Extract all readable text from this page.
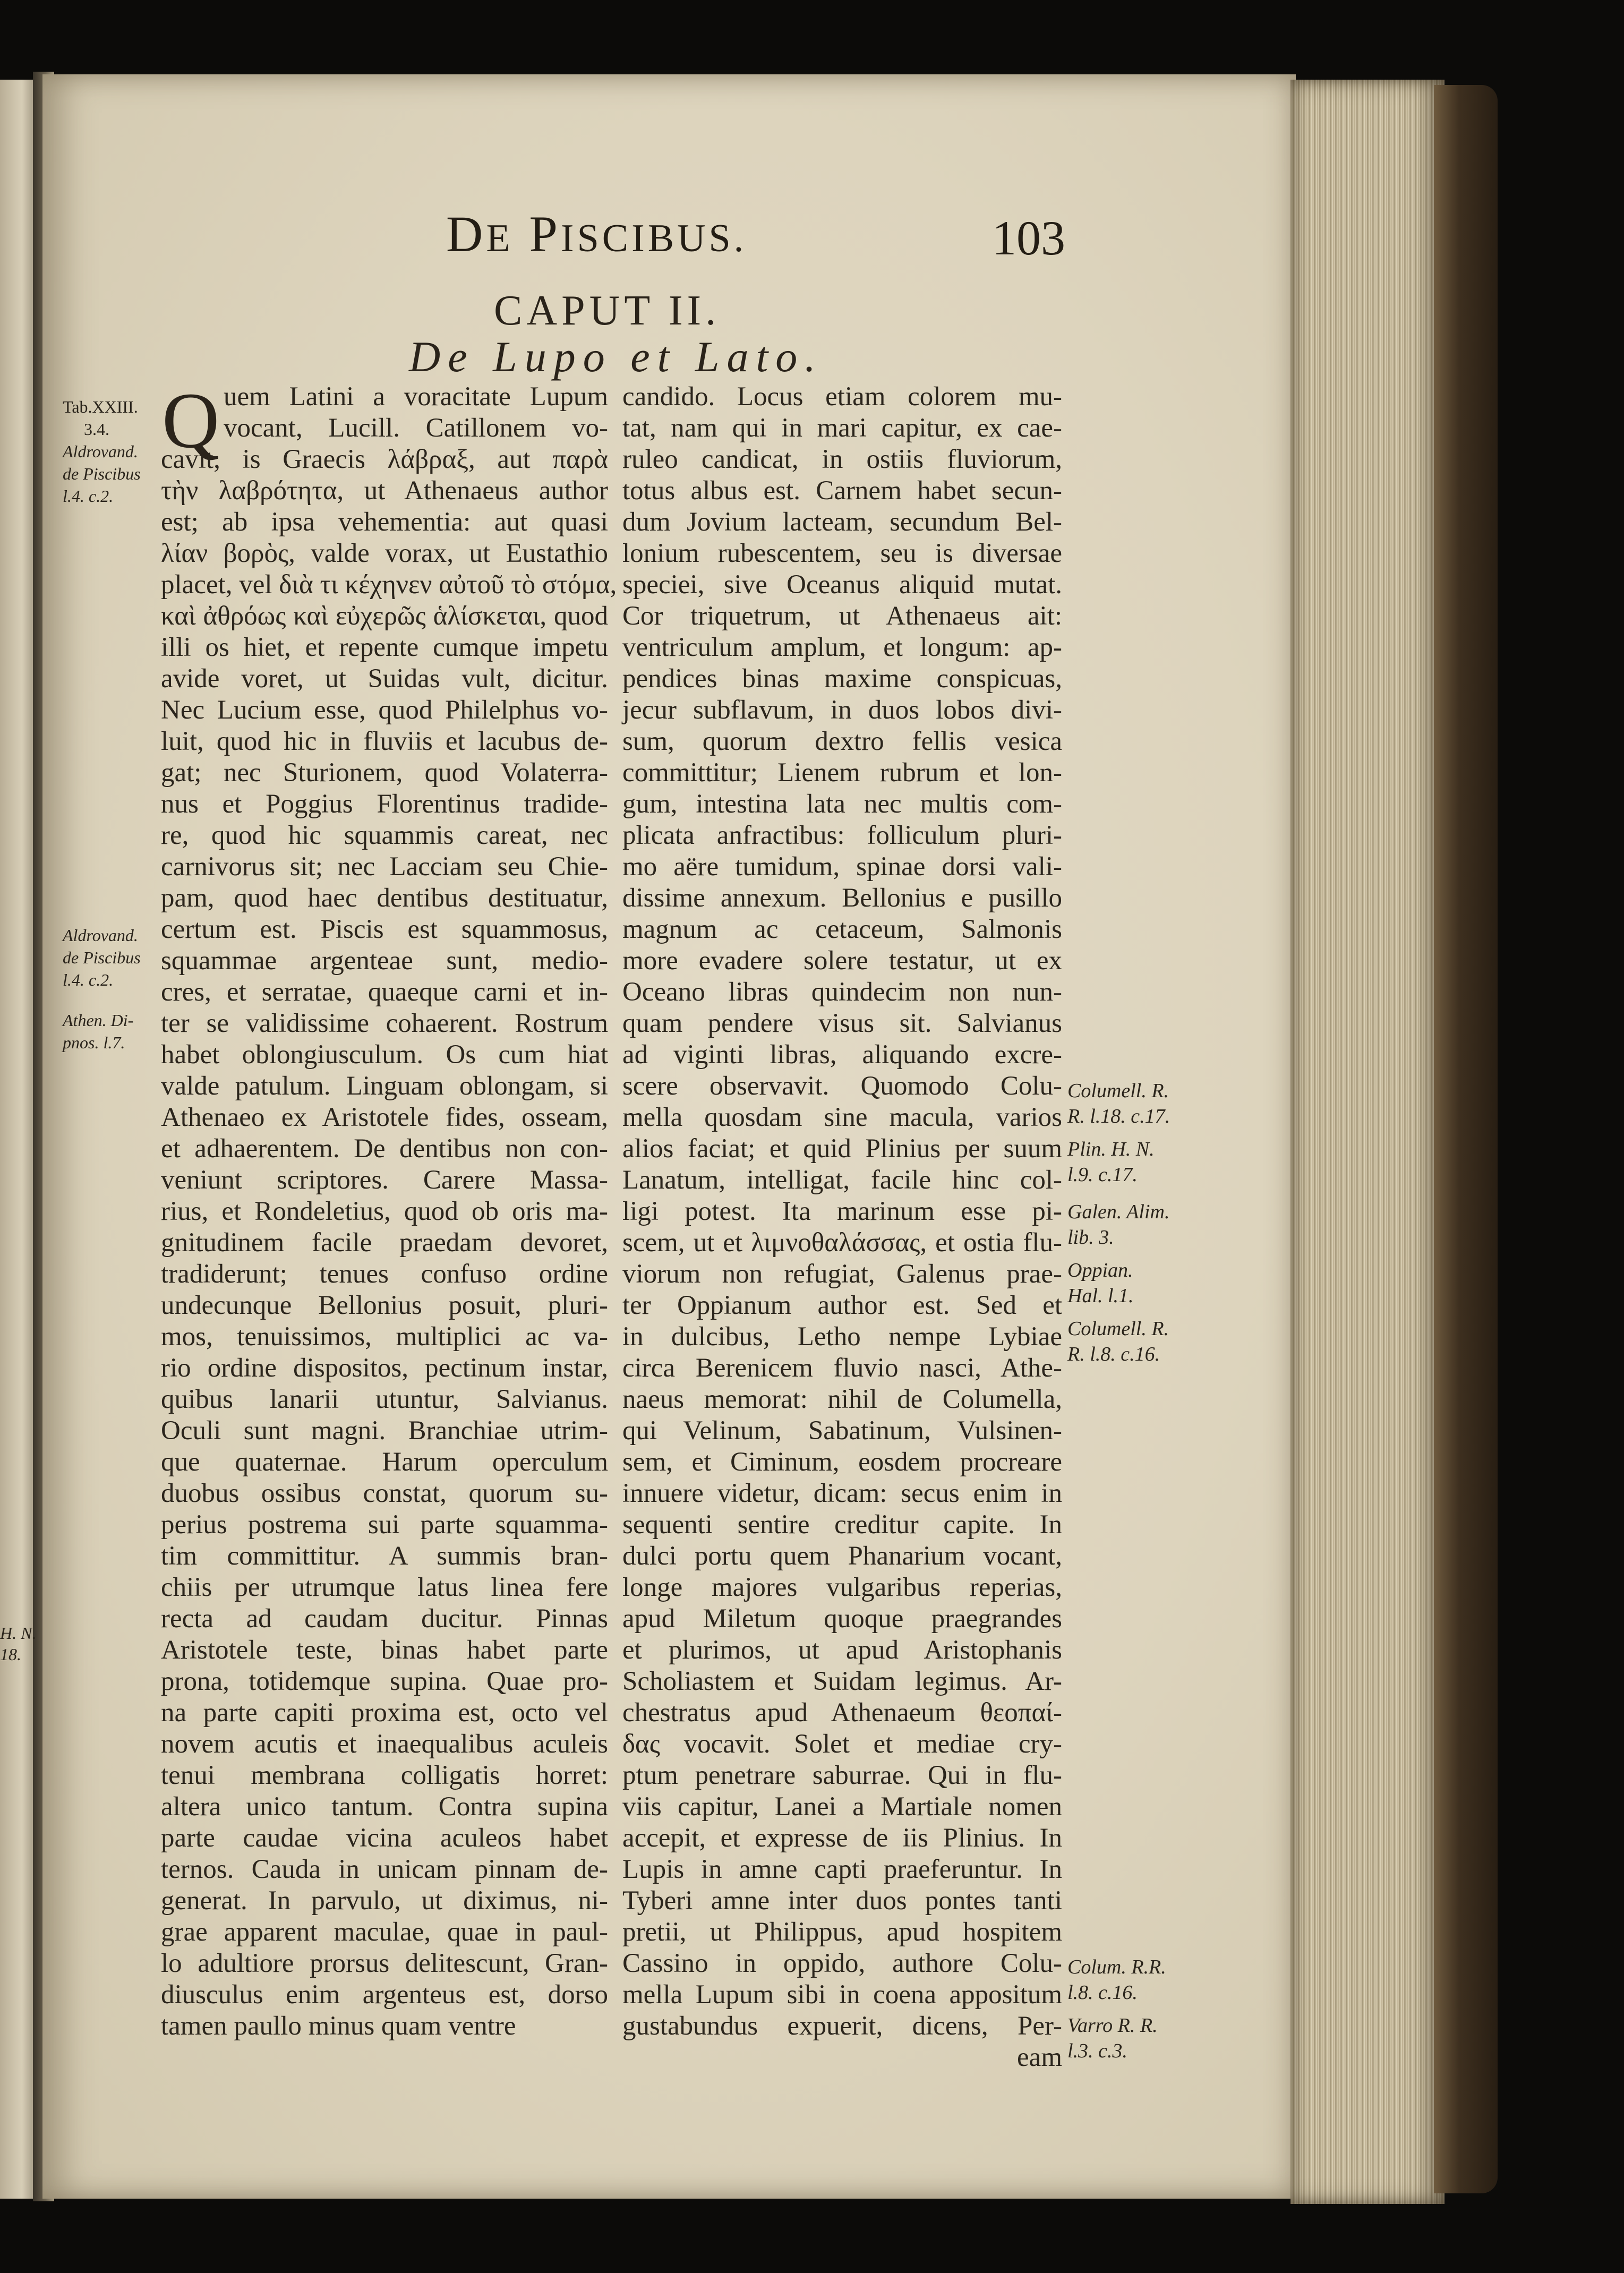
H. N.
18.
DE PISCIBUS.	103
CAPUT II.
De Lupo et Lato.
Tab.XXIII.
3.4.
Aldrovand.
de Piscibus
l.4. c.2.
Aldrovand.
de Piscibus
l.4. c.2.
Athen. Di-
pnos. l.7.
Q uem Latini a voracitate Lupum
vocant, Lucill. Catillonem vo-
cavit, is Graecis λάβραξ, aut παρὰ
τὴν λαβρότητα, ut Athenaeus author
est; ab ipsa vehementia: aut quasi
λίαν βορὸς, valde vorax, ut Eustathio
placet, vel διὰ τι κέχηνεν αὐτοῦ τὸ στόμα,
καὶ ἀθρόως καὶ εὐχερῶς ἁλίσκεται, quod
illi os hiet, et repente cumque impetu
avide voret, ut Suidas vult, dicitur.
Nec Lucium esse, quod Philelphus vo-
luit, quod hic in fluviis et lacubus de-
gat; nec Sturionem, quod Volaterra-
nus et Poggius Florentinus tradide-
re, quod hic squammis careat, nec
carnivorus sit; nec Lacciam seu Chie-
pam, quod haec dentibus destituatur,
certum est. Piscis est squammosus,
squammae argenteae sunt, medio-
cres, et serratae, quaeque carni et in-
ter se validissime cohaerent. Rostrum
habet oblongiusculum. Os cum hiat
valde patulum. Linguam oblongam, si
Athenaeo ex Aristotele fides, osseam,
et adhaerentem. De dentibus non con-
veniunt scriptores. Carere Massa-
rius, et Rondeletius, quod ob oris ma-
gnitudinem facile praedam devoret,
tradiderunt; tenues confuso ordine
undecunque Bellonius posuit, pluri-
mos, tenuissimos, multiplici ac va-
rio ordine dispositos, pectinum instar,
quibus lanarii utuntur, Salvianus.
Oculi sunt magni. Branchiae utrim-
que quaternae. Harum operculum
duobus ossibus constat, quorum su-
perius postrema sui parte squamma-
tim committitur. A summis bran-
chiis per utrumque latus linea fere
recta ad caudam ducitur. Pinnas
Aristotele teste, binas habet parte
prona, totidemque supina. Quae pro-
na parte capiti proxima est, octo vel
novem acutis et inaequalibus aculeis
tenui membrana colligatis horret:
altera unico tantum. Contra supina
parte caudae vicina aculeos habet
ternos. Cauda in unicam pinnam de-
generat. In parvulo, ut diximus, ni-
grae apparent maculae, quae in paul-
lo adultiore prorsus delitescunt, Gran-
diusculus enim argenteus est, dorso
tamen paullo minus quam ventre
candido. Locus etiam colorem mu-
tat, nam qui in mari capitur, ex cae-
ruleo candicat, in ostiis fluviorum,
totus albus est. Carnem habet secun-
dum Jovium lacteam, secundum Bel-
lonium rubescentem, seu is diversae
speciei, sive Oceanus aliquid mutat.
Cor triquetrum, ut Athenaeus ait:
ventriculum amplum, et longum: ap-
pendices binas maxime conspicuas,
jecur subflavum, in duos lobos divi-
sum, quorum dextro fellis vesica
committitur; Lienem rubrum et lon-
gum, intestina lata nec multis com-
plicata anfractibus: folliculum pluri-
mo aëre tumidum, spinae dorsi vali-
dissime annexum. Bellonius e pusillo
magnum ac cetaceum, Salmonis
more evadere solere testatur, ut ex
Oceano libras quindecim non nun-
quam pendere visus sit. Salvianus
ad viginti libras, aliquando excre-
scere observavit. Quomodo Colu-
mella quosdam sine macula, varios
alios faciat; et quid Plinius per suum
Lanatum, intelligat, facile hinc col-
ligi potest. Ita marinum esse pi-
scem, ut et λιμνοθαλάσσας, et ostia flu-
viorum non refugiat, Galenus prae-
ter Oppianum author est. Sed et
in dulcibus, Letho nempe Lybiae
circa Berenicem fluvio nasci, Athe-
naeus memorat: nihil de Columella,
qui Velinum, Sabatinum, Vulsinen-
sem, et Ciminum, eosdem procreare
innuere videtur, dicam: secus enim in
sequenti sentire creditur capite. In
dulci portu quem Phanarium vocant,
longe majores vulgaribus reperias,
apud Miletum quoque praegrandes
et plurimos, ut apud Aristophanis
Scholiastem et Suidam legimus. Ar-
chestratus apud Athenaeum θεοπαί-
δας vocavit. Solet et mediae cry-
ptum penetrare saburrae. Qui in flu-
viis capitur, Lanei a Martiale nomen
accepit, et expresse de iis Plinius. In
Lupis in amne capti praeferuntur. In
Tyberi amne inter duos pontes tanti
pretii, ut Philippus, apud hospitem
Cassino in oppido, authore Colu-
mella Lupum sibi in coena appositum
gustabundus expuerit, dicens, Per-
eam
Columell. R.
R. l.18. c.17.
Plin. H. N.
l.9. c.17.
Galen. Alim.
lib. 3.
Oppian.
Hal. l.1.
Columell. R.
R. l.8. c.16.
Colum. R.R.
l.8. c.16.
Varro R. R.
l.3. c.3.
